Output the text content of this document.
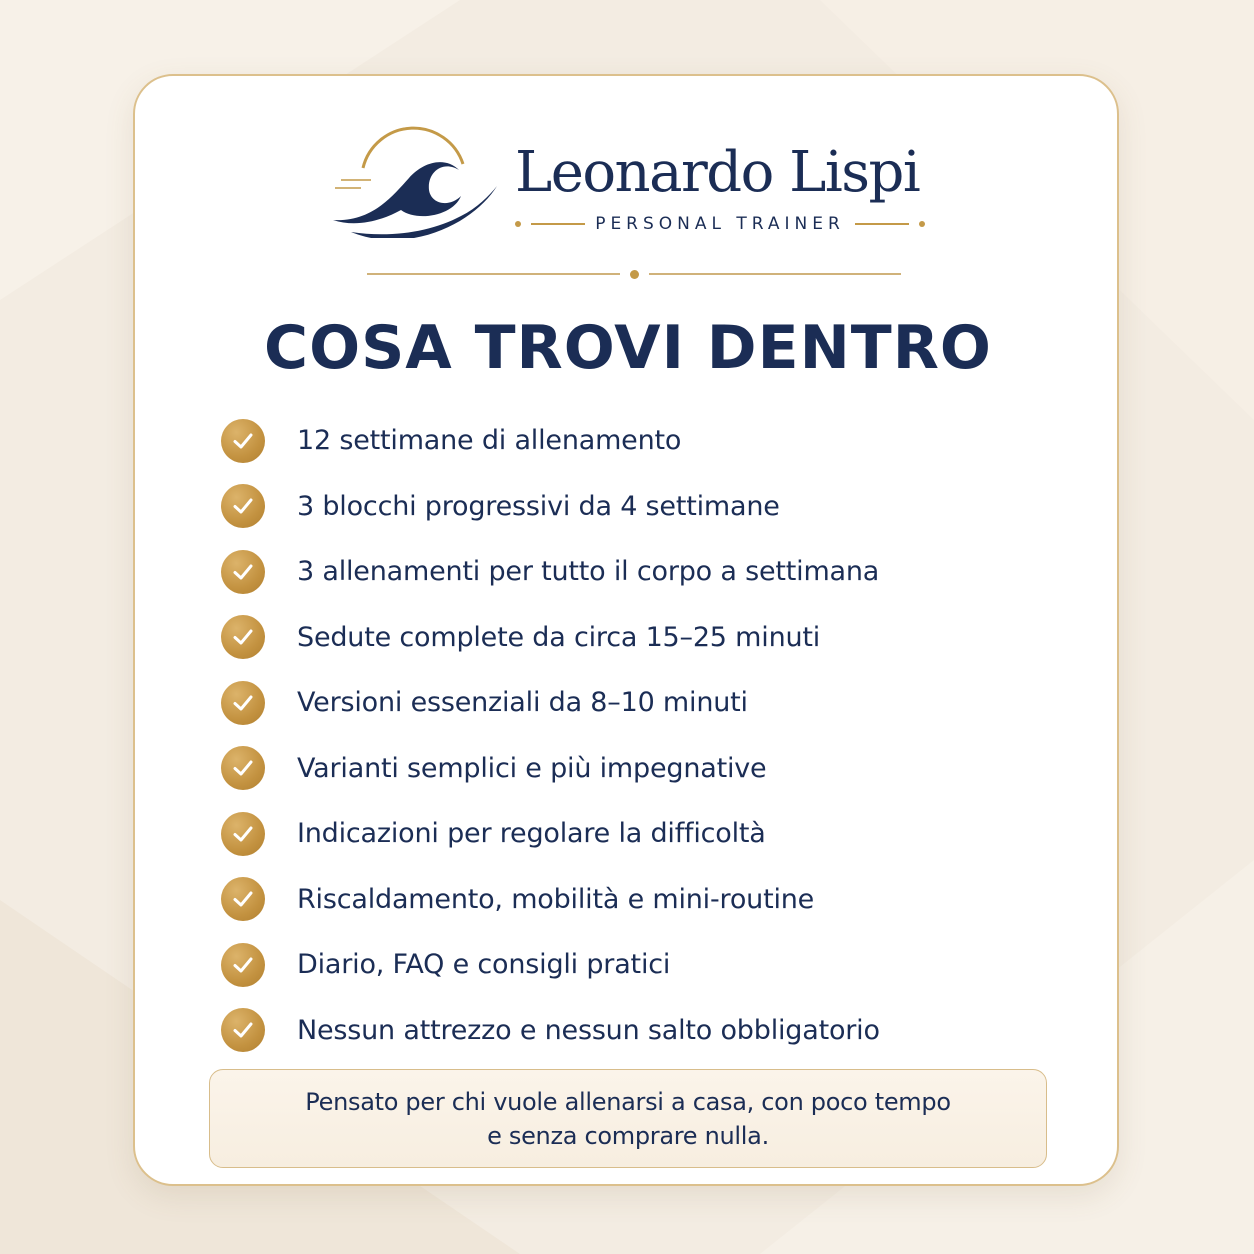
Leonardo Lispi
PERSONAL TRAINER
COSA TROVI DENTRO
12 settimane di allenamento
3 blocchi progressivi da 4 settimane
3 allenamenti per tutto il corpo a settimana
Sedute complete da circa 15–25 minuti
Versioni essenziali da 8–10 minuti
Varianti semplici e più impegnative
Indicazioni per regolare la difficoltà
Riscaldamento, mobilità e mini-routine
Diario, FAQ e consigli pratici
Nessun attrezzo e nessun salto obbligatorio
Pensato per chi vuole allenarsi a casa, con poco tempo
e senza comprare nulla.
